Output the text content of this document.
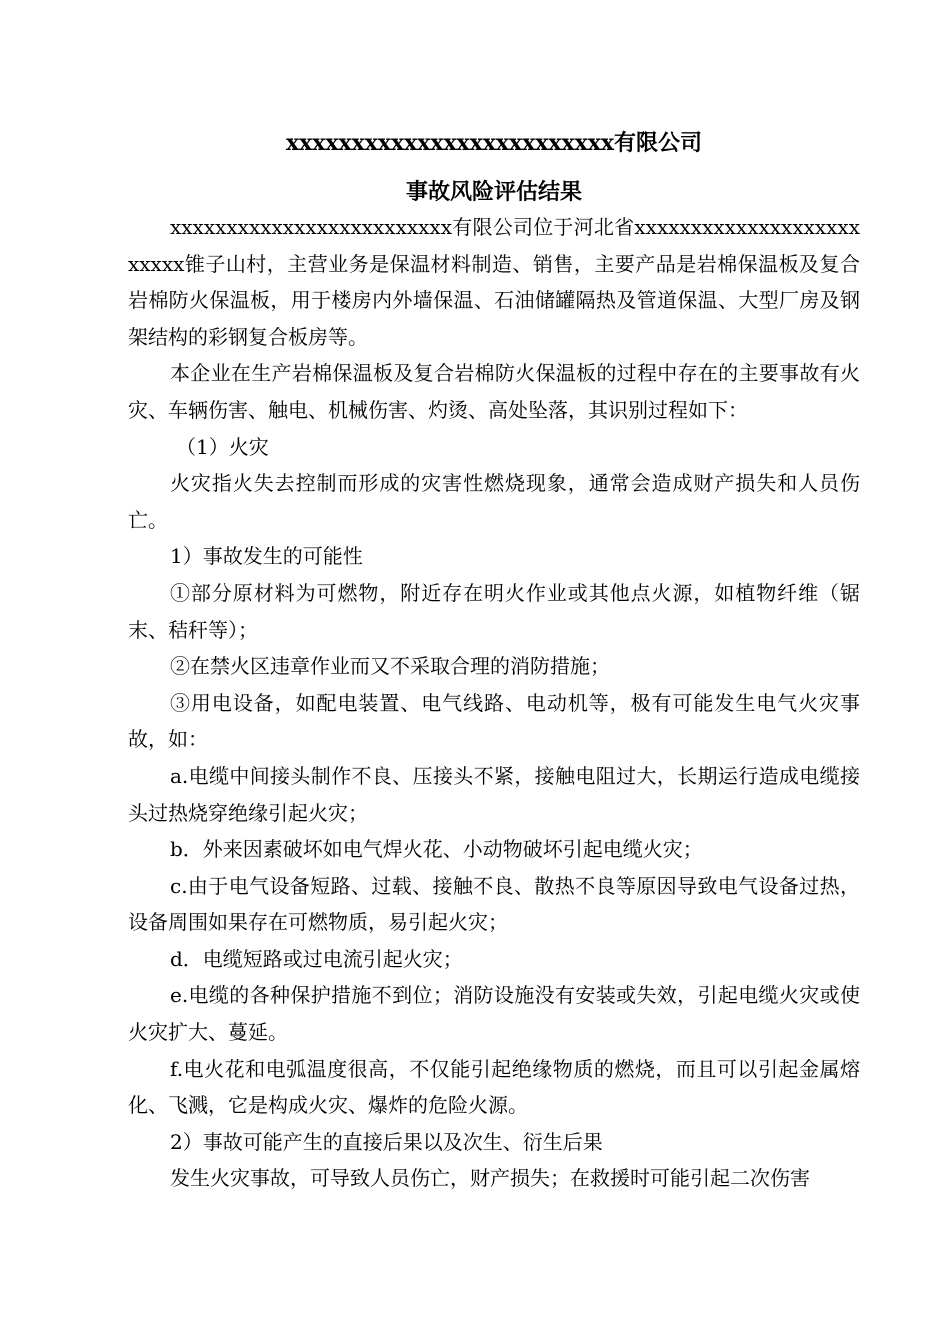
xxxxxxxxxxxxxxxxxxxxxxxxx有限公司
事故风险评估结果

xxxxxxxxxxxxxxxxxxxxxxxxx有限公司位于河北省xxxxxxxxxxxxxxxxxxxxxxxxx锥子山村，主营业务是保温材料制造、销售，主要产品是岩棉保温板及复合岩棉防火保温板，用于楼房内外墙保温、石油储罐隔热及管道保温、大型厂房及钢架结构的彩钢复合板房等。

本企业在生产岩棉保温板及复合岩棉防火保温板的过程中存在的主要事故有火灾、车辆伤害、触电、机械伤害、灼烫、高处坠落，其识别过程如下：

（1）火灾

火灾指火失去控制而形成的灾害性燃烧现象，通常会造成财产损失和人员伤亡。

1）事故发生的可能性

①部分原材料为可燃物，附近存在明火作业或其他点火源，如植物纤维（锯末、秸秆等）；

②在禁火区违章作业而又不采取合理的消防措施；

③用电设备，如配电装置、电气线路、电动机等，极有可能发生电气火灾事故，如：

a.电缆中间接头制作不良、压接头不紧，接触电阻过大，长期运行造成电缆接头过热烧穿绝缘引起火灾；

b．外来因素破坏如电气焊火花、小动物破坏引起电缆火灾；

c.由于电气设备短路、过载、接触不良、散热不良等原因导致电气设备过热，设备周围如果存在可燃物质，易引起火灾；

d．电缆短路或过电流引起火灾；

e.电缆的各种保护措施不到位；消防设施没有安装或失效，引起电缆火灾或使火灾扩大、蔓延。

f.电火花和电弧温度很高，不仅能引起绝缘物质的燃烧，而且可以引起金属熔化、飞溅，它是构成火灾、爆炸的危险火源。

2）事故可能产生的直接后果以及次生、衍生后果

发生火灾事故，可导致人员伤亡，财产损失；在救援时可能引起二次伤害
